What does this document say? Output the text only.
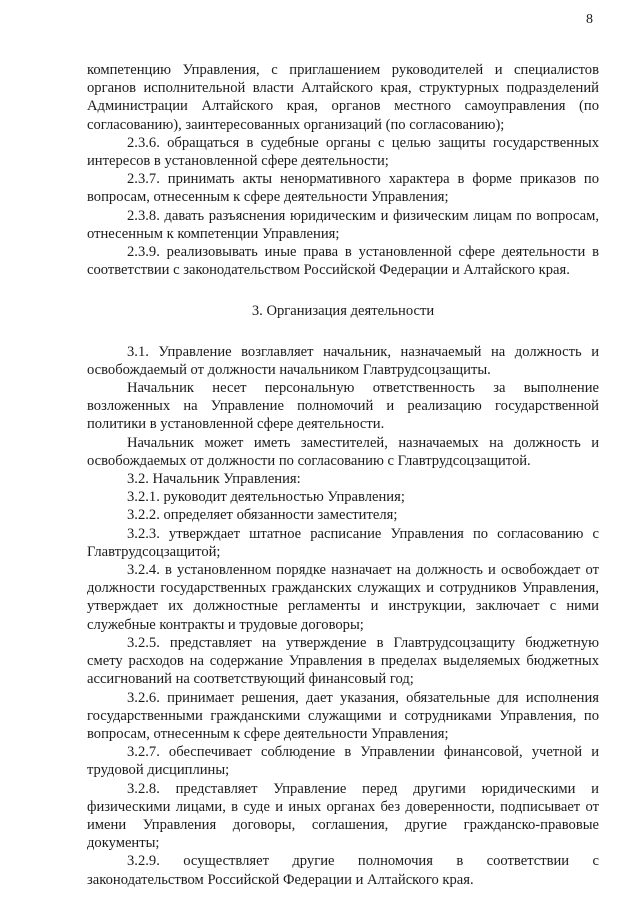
8

компетенцию Управления, с приглашением руководителей и специалистов органов исполнительной власти Алтайского края, структурных подразделений Администрации Алтайского края, органов местного самоуправления (по согласованию), заинтересованных организаций (по согласованию);

2.3.6. обращаться в судебные органы с целью защиты государственных интересов в установленной сфере деятельности;

2.3.7. принимать акты ненормативного характера в форме приказов по вопросам, отнесенным к сфере деятельности Управления;

2.3.8. давать разъяснения юридическим и физическим лицам по вопросам, отнесенным к компетенции Управления;

2.3.9. реализовывать иные права в установленной сфере деятельности в соответствии с законодательством Российской Федерации и Алтайского края.

3. Организация деятельности

3.1. Управление возглавляет начальник, назначаемый на должность и освобождаемый от должности начальником Главтрудсоцзащиты.

Начальник несет персональную ответственность за выполнение возложенных на Управление полномочий и реализацию государственной политики в установленной сфере деятельности.

Начальник может иметь заместителей, назначаемых на должность и освобождаемых от должности по согласованию с Главтрудсоцзащитой.

3.2. Начальник Управления:

3.2.1. руководит деятельностью Управления;

3.2.2. определяет обязанности заместителя;

3.2.3. утверждает штатное расписание Управления по согласованию с Главтрудсоцзащитой;

3.2.4. в установленном порядке назначает на должность и освобождает от должности государственных гражданских служащих и сотрудников Управления, утверждает их должностные регламенты и инструкции, заключает с ними служебные контракты и трудовые договоры;

3.2.5. представляет на утверждение в Главтрудсоцзащиту бюджетную смету расходов на содержание Управления в пределах выделяемых бюджетных ассигнований на соответствующий финансовый год;

3.2.6. принимает решения, дает указания, обязательные для исполнения государственными гражданскими служащими и сотрудниками Управления, по вопросам, отнесенным к сфере деятельности Управления;

3.2.7. обеспечивает соблюдение в Управлении финансовой, учетной и трудовой дисциплины;

3.2.8. представляет Управление перед другими юридическими и физическими лицами, в суде и иных органах без доверенности, подписывает от имени Управления договоры, соглашения, другие гражданско-правовые документы;

3.2.9. осуществляет другие полномочия в соответствии с законодательством Российской Федерации и Алтайского края.
